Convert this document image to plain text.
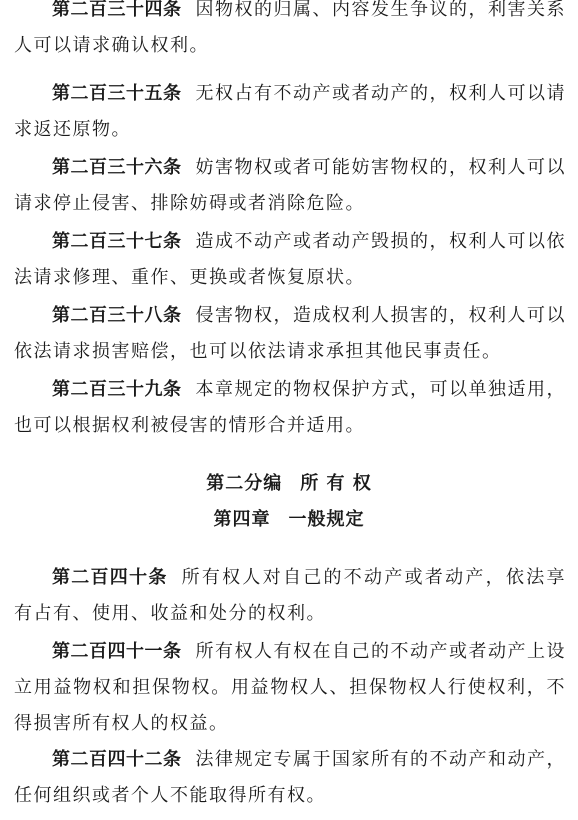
第二百三十四条 因物权的归属、内容发生争议的，利害关系人可以请求确认权利。

第二百三十五条 无权占有不动产或者动产的，权利人可以请求返还原物。

第二百三十六条 妨害物权或者可能妨害物权的，权利人可以请求停止侵害、排除妨碍或者消除危险。

第二百三十七条 造成不动产或者动产毁损的，权利人可以依法请求修理、重作、更换或者恢复原状。

第二百三十八条 侵害物权，造成权利人损害的，权利人可以依法请求损害赔偿，也可以依法请求承担其他民事责任。

第二百三十九条 本章规定的物权保护方式，可以单独适用，也可以根据权利被侵害的情形合并适用。

第二分编 所 有 权
第四章 一般规定

第二百四十条 所有权人对自己的不动产或者动产，依法享有占有、使用、收益和处分的权利。

第二百四十一条 所有权人有权在自己的不动产或者动产上设立用益物权和担保物权。用益物权人、担保物权人行使权利，不得损害所有权人的权益。

第二百四十二条 法律规定专属于国家所有的不动产和动产，任何组织或者个人不能取得所有权。
